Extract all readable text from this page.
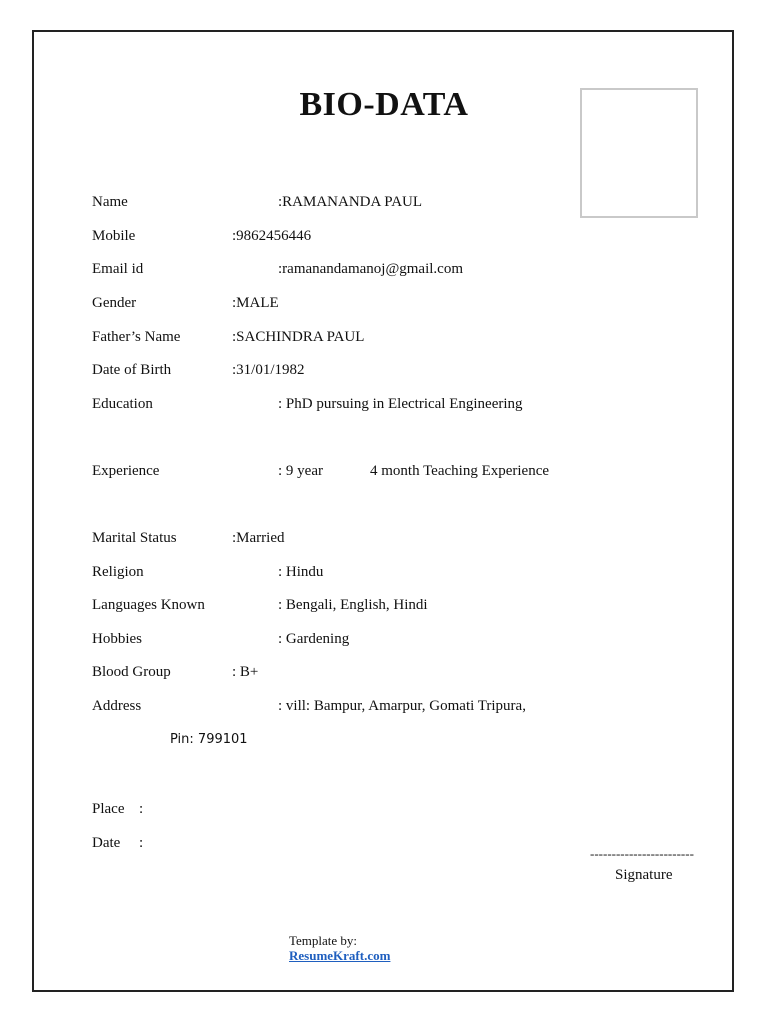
BIO-DATA
Name	:RAMANANDA PAUL
Mobile	:9862456446
Email id	:ramanandamanoj@gmail.com
Gender	:MALE
Father’s Name	:SACHINDRA PAUL
Date of Birth	:31/01/1982
Education	: PhD pursuing in Electrical Engineering
Experience	: 9 year	4 month Teaching Experience
Marital Status	:Married
Religion	: Hindu
Languages Known	: Bengali, English, Hindi
Hobbies	: Gardening
Blood Group	: B+
Address	: vill: Bampur, Amarpur, Gomati Tripura,
Pin: 799101
Place :
Date :
------------------------
Signature
Template by:
ResumeKraft.com
